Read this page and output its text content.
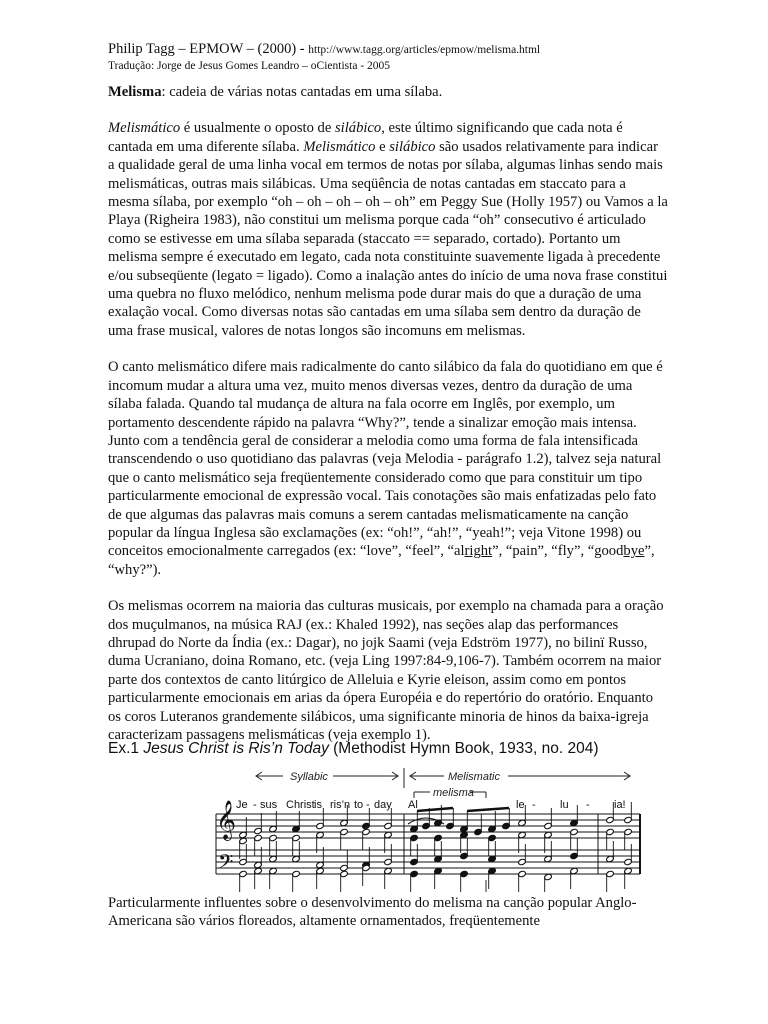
Philip Tagg – EPMOW – (2000) - http://www.tagg.org/articles/epmow/melisma.html
Tradução: Jorge de Jesus Gomes Leandro – oCientista - 2005

Melisma: cadeia de várias notas cantadas em uma sílaba.

Melismático é usualmente o oposto de silábico, este último significando que cada nota é cantada em uma diferente sílaba. Melismático e silábico são usados relativamente para indicar a qualidade geral de uma linha vocal em termos de notas por sílaba, algumas linhas sendo mais melismáticas, outras mais silábicas. Uma seqüência de notas cantadas em staccato para a mesma sílaba, por exemplo “oh – oh – oh – oh – oh” em Peggy Sue (Holly 1957) ou Vamos a la Playa (Righeira 1983), não constitui um melisma porque cada “oh” consecutivo é articulado como se estivesse em uma sílaba separada (staccato == separado, cortado). Portanto um melisma sempre é executado em legato, cada nota constituinte suavemente ligada à precedente e/ou subseqüente (legato = ligado). Como a inalação antes do início de uma nova frase constitui uma quebra no fluxo melódico, nenhum melisma pode durar mais do que a duração de uma exalação vocal. Como diversas notas são cantadas em uma sílaba sem dentro da duração de uma frase musical, valores de notas longos são incomuns em melismas.

O canto melismático difere mais radicalmente do canto silábico da fala do quotidiano em que é incomum mudar a altura uma vez, muito menos diversas vezes, dentro da duração de uma sílaba falada. Quando tal mudança de altura na fala ocorre em Inglês, por exemplo, um portamento descendente rápido na palavra “Why?”, tende a sinalizar emoção mais intensa.

Junto com a tendência geral de considerar a melodia como uma forma de fala intensificada transcendendo o uso quotidiano das palavras (veja Melodia - parágrafo 1.2), talvez seja natural que o canto melismático seja freqüentemente considerado como que para constituir um tipo particularmente emocional de expressão vocal. Tais conotações são mais enfatizadas pelo fato de que algumas das palavras mais comuns a serem cantadas melismaticamente na canção popular da língua Inglesa são exclamações (ex: “oh!”, “ah!”, “yeah!”; veja Vitone 1998) ou conceitos emocionalmente carregados (ex: “love”, “feel”, “alright”, “pain”, “fly”, “goodbye”, “why?”).

Os melismas ocorrem na maioria das culturas musicais, por exemplo na chamada para a oração dos muçulmanos, na música RAJ (ex.: Khaled 1992), nas seções alap das performances dhrupad do Norte da Índia (ex.: Dagar), no jojk Saami (veja Edström 1977), no bilinï Russo, duma Ucraniano, doina Romano, etc. (veja Ling 1997:84-9,106-7). Também ocorrem na maior parte dos contextos de canto litúrgico de Alleluia e Kyrie eleison, assim como em pontos particularmente emocionais em arias da ópera Européia e do repertório do oratório. Enquanto os coros Luteranos grandemente silábicos, uma significante minoria de hinos da baixa-igreja caracterizam passagens melismáticas (veja exemplo 1).

Ex.1 Jesus Christ is Ris’n Today (Methodist Hymn Book, 1933, no. 204)
Syllabic	Melismatic
melisma
Je - sus Christ is ris’n to - day Al	le - lu - ia!
𝄞
𝄢

Particularmente influentes sobre o desenvolvimento do melisma na canção popular Anglo-Americana são vários floreados, altamente ornamentados, freqüentemente
